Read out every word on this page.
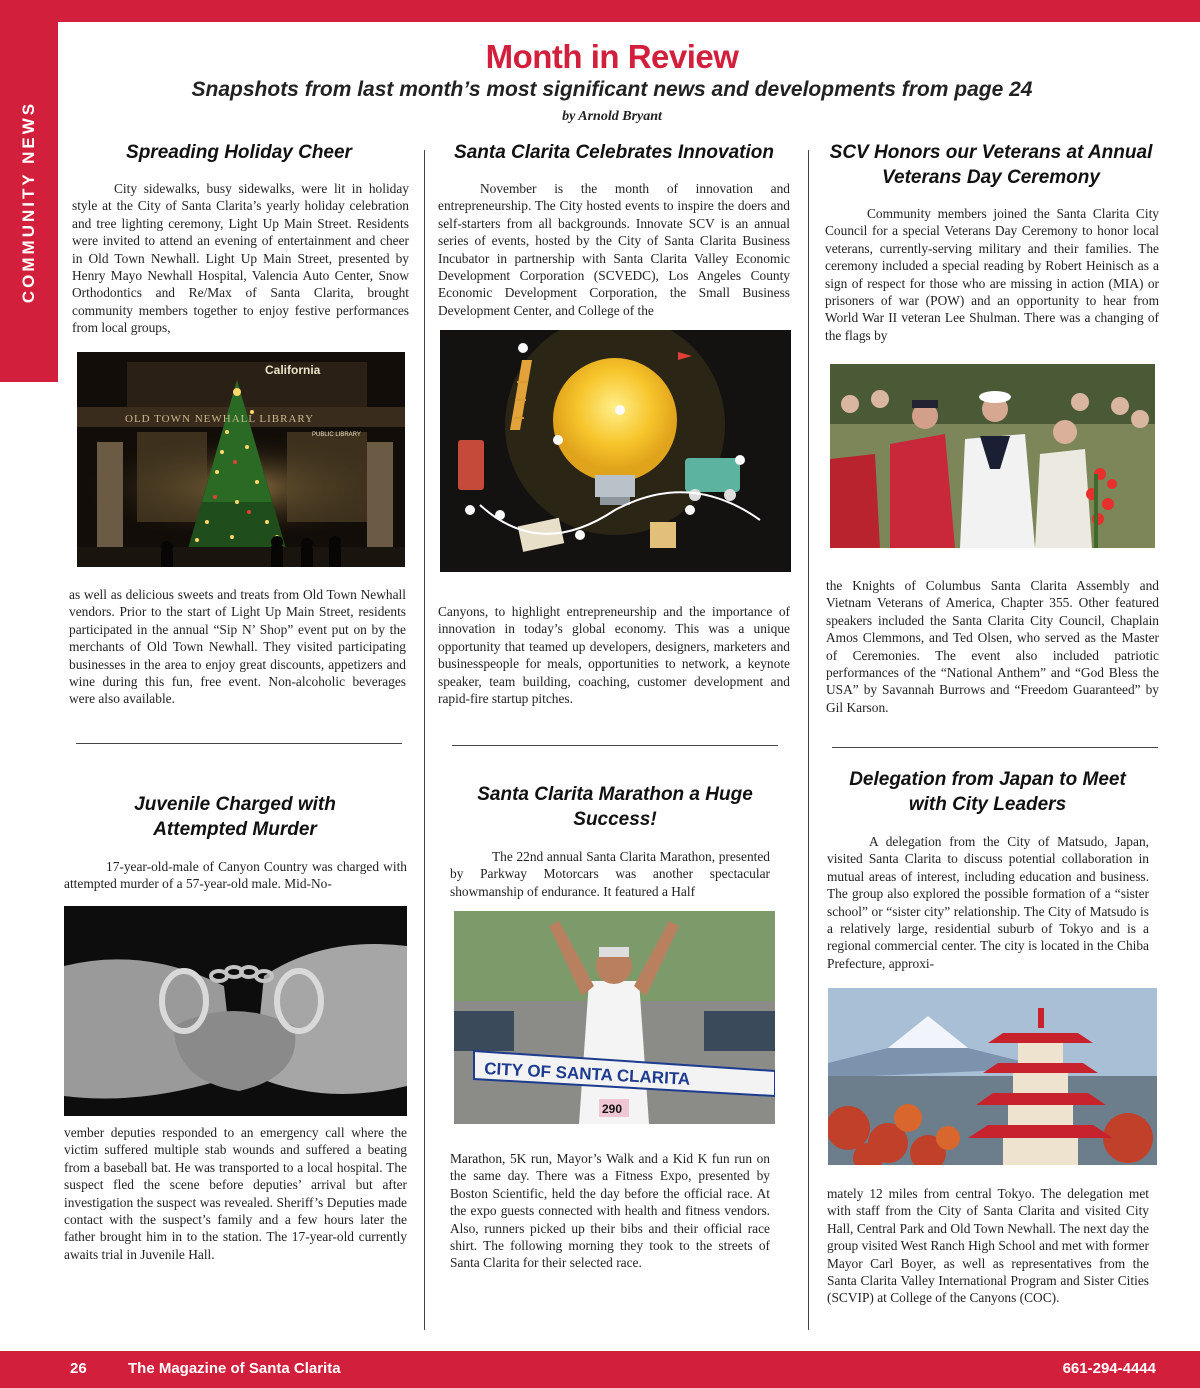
COMMUNITY NEWS
Month in Review
Snapshots from last month’s most significant news and developments from page 24
by Arnold Bryant
Spreading Holiday Cheer

City sidewalks, busy sidewalks, were lit in holiday style at the City of Santa Clarita’s yearly holiday celebration and tree lighting ceremony, Light Up Main Street. Residents were invited to attend an evening of entertainment and cheer in Old Town Newhall. Light Up Main Street, presented by Henry Mayo Newhall Hospital, Valencia Auto Center, Snow Orthodontics and Re/Max of Santa Clarita, brought community members together to enjoy festive performances from local groups,

California
OLD TOWN NEWHALL LIBRARY
PUBLIC LIBRARY

as well as delicious sweets and treats from Old Town Newhall vendors. Prior to the start of Light Up Main Street, residents participated in the annual “Sip N’ Shop” event put on by the merchants of Old Town Newhall. They visited participating businesses in the area to enjoy great discounts, appetizers and wine during this fun, free event. Non-alcoholic beverages were also available.

Santa Clarita Celebrates Innovation

November is the month of innovation and entrepreneurship. The City hosted events to inspire the doers and self-starters from all backgrounds. Innovate SCV is an annual series of events, hosted by the City of Santa Clarita Business Incubator in partnership with Santa Clarita Valley Economic Development Corporation (SCVEDC), Los Angeles County Economic Development Corporation, the Small Business Development Center, and College of the

Canyons, to highlight entrepreneurship and the importance of innovation in today’s global economy. This was a unique opportunity that teamed up developers, designers, marketers and businesspeople for meals, opportunities to network, a keynote speaker, team building, coaching, customer development and rapid-fire startup pitches.

SCV Honors our Veterans at Annual Veterans Day Ceremony

Community members joined the Santa Clarita City Council for a special Veterans Day Ceremony to honor local veterans, currently-serving military and their families. The ceremony included a special reading by Robert Heinisch as a sign of respect for those who are missing in action (MIA) or prisoners of war (POW) and an opportunity to hear from World War II veteran Lee Shulman. There was a changing of the flags by

the Knights of Columbus Santa Clarita Assembly and Vietnam Veterans of America, Chapter 355. Other featured speakers included the Santa Clarita City Council, Chaplain Amos Clemmons, and Ted Olsen, who served as the Master of Ceremonies. The event also included patriotic performances of the “National Anthem” and “God Bless the USA” by Savannah Burrows and “Freedom Guaranteed” by Gil Karson.

Juvenile Charged with Attempted Murder

17-year-old-male of Canyon Country was charged with attempted murder of a 57-year-old male. Mid-No-

vember deputies responded to an emergency call where the victim suffered multiple stab wounds and suffered a beating from a baseball bat. He was transported to a local hospital. The suspect fled the scene before deputies’ arrival but after investigation the suspect was revealed. Sheriff’s Deputies made contact with the suspect’s family and a few hours later the father brought him in to the station. The 17-year-old currently awaits trial in Juvenile Hall.

Santa Clarita Marathon a Huge Success!

The 22nd annual Santa Clarita Marathon, presented by Parkway Motorcars was another spectacular showmanship of endurance. It featured a Half

CITY OF SANTA CLARITA
290

Marathon, 5K run, Mayor’s Walk and a Kid K fun run on the same day. There was a Fitness Expo, presented by Boston Scientific, held the day before the official race. At the expo guests connected with health and fitness vendors. Also, runners picked up their bibs and their official race shirt. The following morning they took to the streets of Santa Clarita for their selected race.

Delegation from Japan to Meet with City Leaders

A delegation from the City of Matsudo, Japan, visited Santa Clarita to discuss potential collaboration in mutual areas of interest, including education and business. The group also explored the possible formation of a “sister school” or “sister city” relationship. The City of Matsudo is a relatively large, residential suburb of Tokyo and is a regional commercial center. The city is located in the Chiba Prefecture, approxi-

mately 12 miles from central Tokyo. The delegation met with staff from the City of Santa Clarita and visited City Hall, Central Park and Old Town Newhall. The next day the group visited West Ranch High School and met with former Mayor Carl Boyer, as well as representatives from the Santa Clarita Valley International Program and Sister Cities (SCVIP) at College of the Canyons (COC).

26	The Magazine of Santa Clarita	661-294-4444
